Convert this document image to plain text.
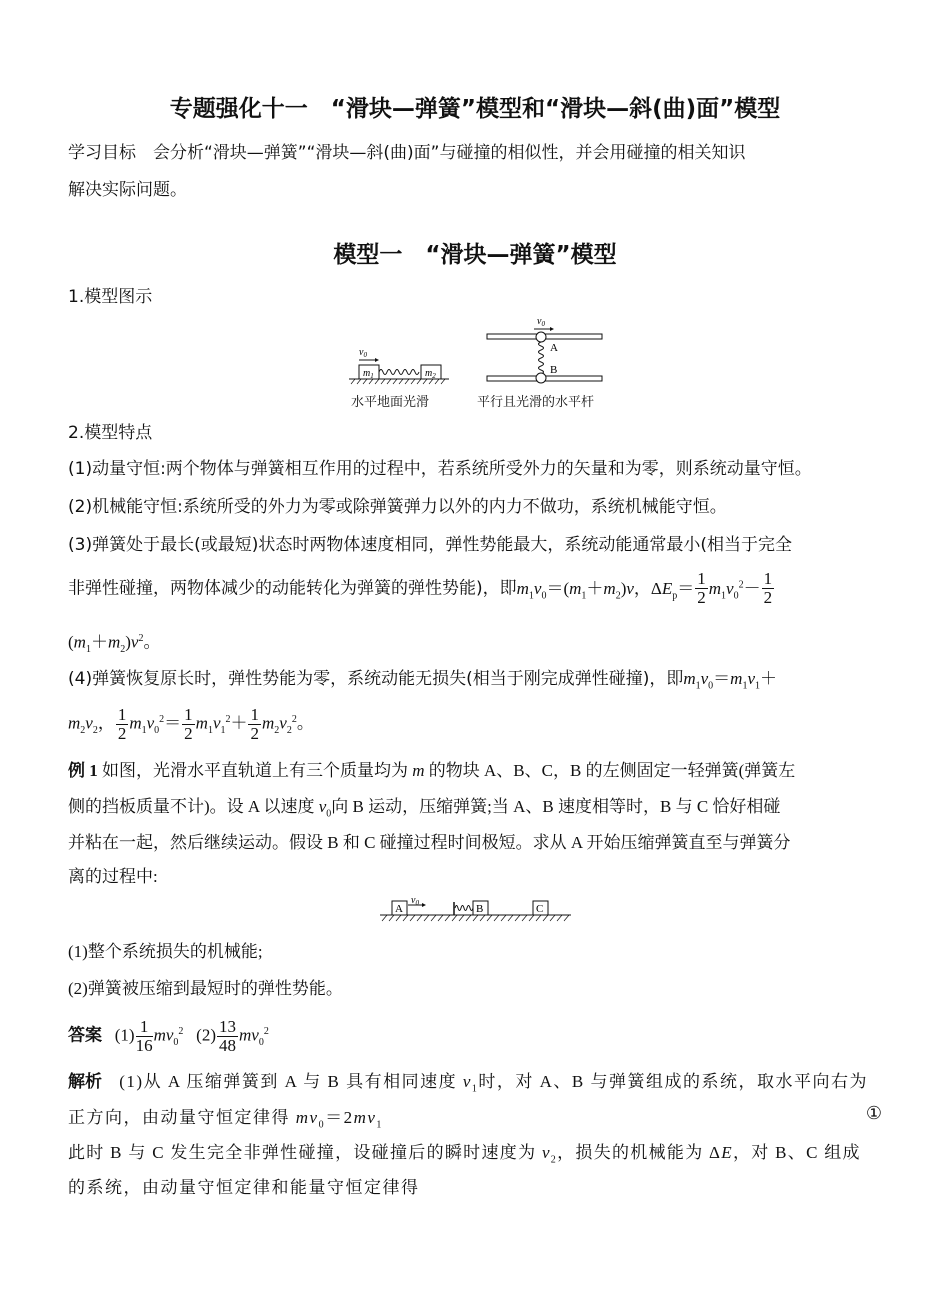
专题强化十一　“滑块—弹簧”模型和“滑块—斜(曲)面”模型
学习目标　会分析“滑块—弹簧”“滑块—斜(曲)面”与碰撞的相似性，并会用碰撞的相关知识
解决实际问题。
模型一　“滑块—弹簧”模型
1.模型图示
$v_0$
$m_1$	$m_2$
水平地面光滑
$v_0$
A
B
平行且光滑的水平杆
2.模型特点
(1)动量守恒:两个物体与弹簧相互作用的过程中，若系统所受外力的矢量和为零，则系统动量守恒。
(2)机械能守恒:系统所受的外力为零或除弹簧弹力以外的内力不做功，系统机械能守恒。
(3)弹簧处于最长(或最短)状态时两物体速度相同，弹性势能最大，系统动能通常最小(相当于完全
非弹性碰撞，两物体减少的动能转化为弹簧的弹性势能)，即$m_1v_0=(m_1+m_2)v$，$\Delta E_p= \frac{1}{2} m_1v_0^2- \frac{1}{2}$
$(m_1+m_2)v^2$。
(4)弹簧恢复原长时，弹性势能为零，系统动能无损失(相当于刚完成弹性碰撞)，即$m_1v_0=m_1v_1+$
$m_2v_2$， $\frac{1}{2} m_1v_0^2= \frac{1}{2} m_1v_1^2+ \frac{1}{2} m_2v_2^2$。
例 1 如图，光滑水平直轨道上有三个质量均为 m 的物块 A、B、C，B 的左侧固定一轻弹簧(弹簧左
侧的挡板质量不计)。设 A 以速度 $v_0$向 B 运动，压缩弹簧;当 A、B 速度相等时，B 与 C 恰好相碰
并粘在一起，然后继续运动。假设 B 和 C 碰撞过程时间极短。求从 A 开始压缩弹簧直至与弹簧分
离的过程中:
$v_0$
A	B	C
(1)整个系统损失的机械能;
(2)弹簧被压缩到最短时的弹性势能。
答案 $(1) \frac{1}{16} mv_0^2$ $(2) \frac{13}{48} mv_0^2$
解析 (1)从 A 压缩弹簧到 A 与 B 具有相同速度 $v_1$时，对 A、B 与弹簧组成的系统，取水平向右为
正方向，由动量守恒定律得 $mv_0=2mv_1$
①
此时 B 与 C 发生完全非弹性碰撞，设碰撞后的瞬时速度为 $v_2$，损失的机械能为 ΔE，对 B、C 组成
的系统，由动量守恒定律和能量守恒定律得
